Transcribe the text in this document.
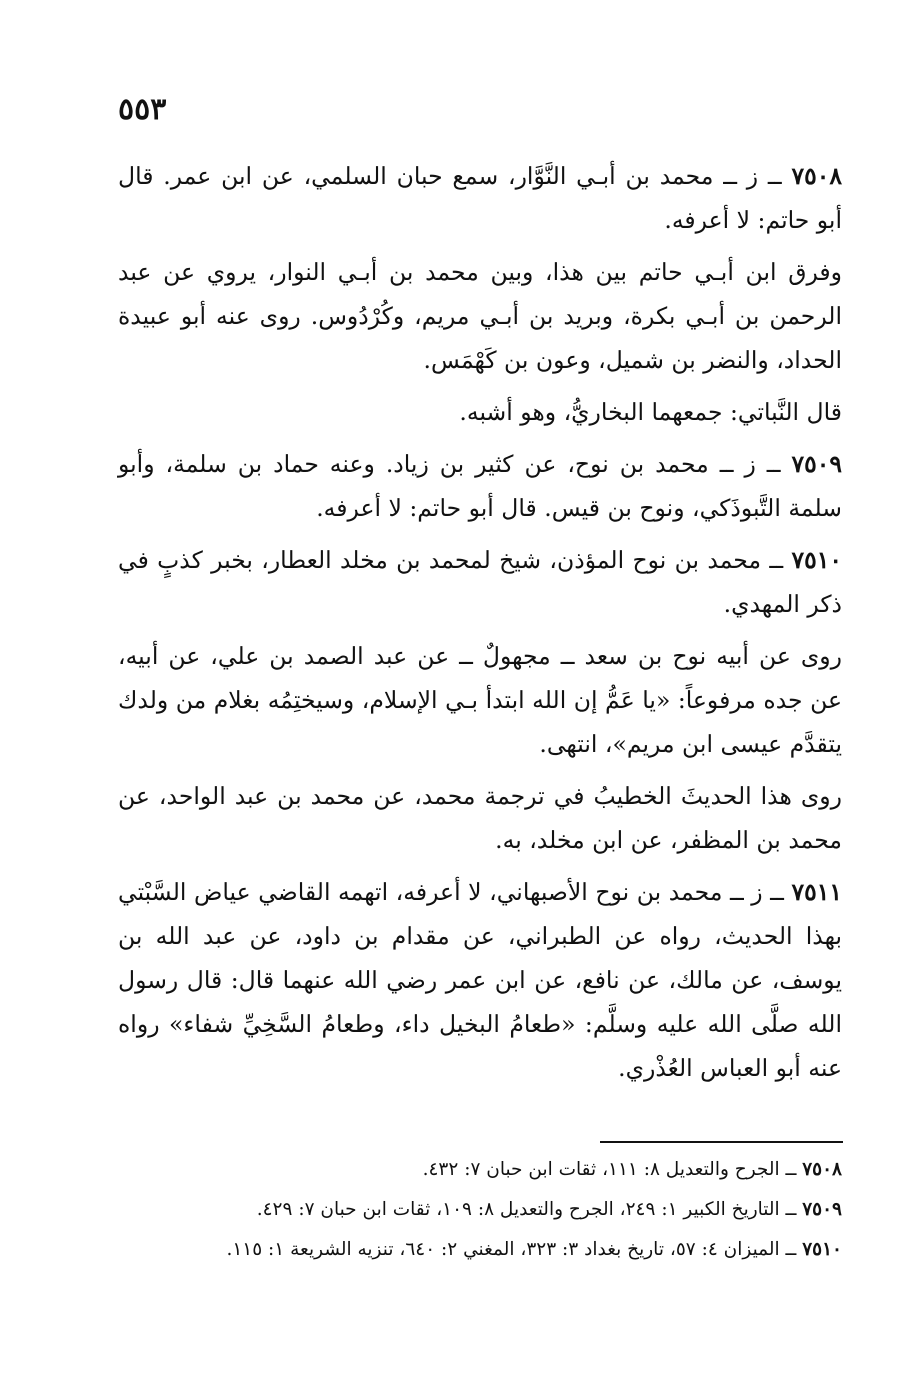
٥٥٣

٧٥٠٨ ــ ز ــ محمد بن أبـي النَّوَّار، سمع حبان السلمي، عن ابن عمر. قال أبو حاتم: لا أعرفه.

وفرق ابن أبـي حاتم بين هذا، وبين محمد بن أبـي النوار، يروي عن عبد الرحمن بن أبـي بكرة، وبريد بن أبـي مريم، وكُرْدُوس. روى عنه أبو عبيدة الحداد، والنضر بن شميل، وعون بن كَهْمَس.

قال النَّباتي: جمعهما البخاريُّ، وهو أشبه.

٧٥٠٩ ــ ز ــ محمد بن نوح، عن كثير بن زياد. وعنه حماد بن سلمة، وأبو سلمة التَّبوذَكي، ونوح بن قيس. قال أبو حاتم: لا أعرفه.

٧٥١٠ ــ محمد بن نوح المؤذن، شيخ لمحمد بن مخلد العطار، بخبر كذبٍ في ذكر المهدي.

روى عن أبيه نوح بن سعد ــ مجهولٌ ــ عن عبد الصمد بن علي، عن أبيه، عن جده مرفوعاً: «يا عَمُّ إن الله ابتدأ بـي الإسلام، وسيختِمُه بغلام من ولدك يتقدَّم عيسى ابن مريم»، انتهى.

روى هذا الحديثَ الخطيبُ في ترجمة محمد، عن محمد بن عبد الواحد، عن محمد بن المظفر، عن ابن مخلد، به.

٧٥١١ ــ ز ــ محمد بن نوح الأصبهاني، لا أعرفه، اتهمه القاضي عياض السَّبْتي بهذا الحديث، رواه عن الطبراني، عن مقدام بن داود، عن عبد الله بن يوسف، عن مالك، عن نافع، عن ابن عمر رضي الله عنهما قال: قال رسول الله صلَّى الله عليه وسلَّم: «طعامُ البخيل داء، وطعامُ السَّخِيِّ شفاء» رواه عنه أبو العباس العُذْري.

٧٥٠٨ ــ الجرح والتعديل ٨: ١١١، ثقات ابن حبان ٧: ٤٣٢.

٧٥٠٩ ــ التاريخ الكبير ١: ٢٤٩، الجرح والتعديل ٨: ١٠٩، ثقات ابن حبان ٧: ٤٢٩.

٧٥١٠ ــ الميزان ٤: ٥٧، تاريخ بغداد ٣: ٣٢٣، المغني ٢: ٦٤٠، تنزيه الشريعة ١: ١١٥.
